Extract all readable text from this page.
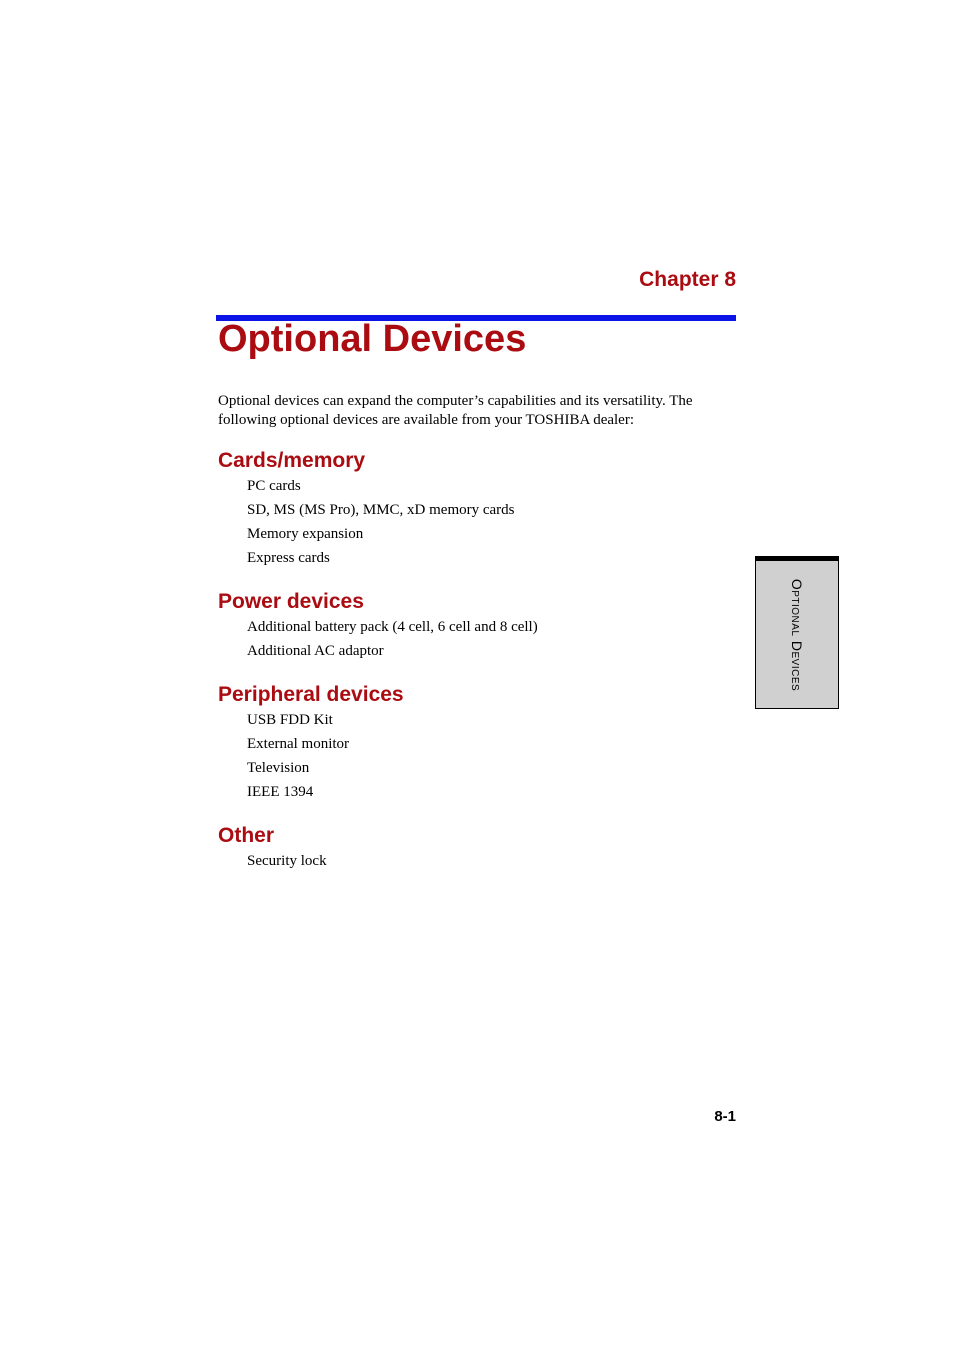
Chapter 8
Optional Devices

Optional devices can expand the computer’s capabilities and its versatility. The following optional devices are available from your TOSHIBA dealer:

Cards/memory
PC cards
SD, MS (MS Pro), MMC, xD memory cards
Memory expansion
Express cards
Power devices
Additional battery pack (4 cell, 6 cell and 8 cell)
Additional AC adaptor
Peripheral devices
USB FDD Kit
External monitor
Television
IEEE 1394
Other
Security lock
Optional Devices
8-1
